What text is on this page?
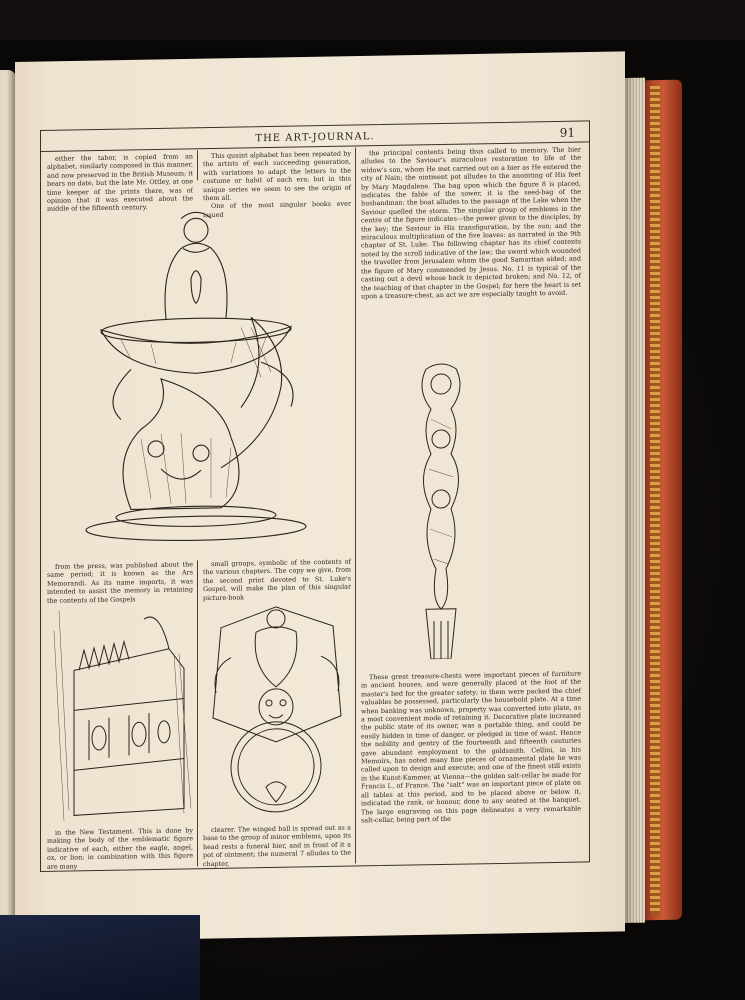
THE ART-JOURNAL.	91

either the tabor, is copied from an alphabet, similarly composed in this manner, and now preserved in the British Museum; it bears no date, but the late Mr. Ottley, at one time keeper of the prints there, was of opinion that it was executed about the middle of the fifteenth century.

This quaint alphabet has been repeated by the artists of each succeeding generation, with variations to adapt the letters to the costume or habit of each era; but in this unique series we seem to see the origin of them all.

One of the most singular books ever issued

the principal contents being thus called to memory. The bier alludes to the Saviour's miraculous restoration to life of the widow's son, whom He met carried out on a bier as He entered the city of Nain; the ointment pot alludes to the anointing of His feet by Mary Magdalene. The bag upon which the figure 8 is placed, indicates the fable of the sower, it is the seed-bag of the husbandman: the boat alludes to the passage of the Lake when the Saviour quelled the storm. The singular group of emblems in the centre of the figure indicates—the power given to the disciples, by the key; the Saviour in His transfiguration, by the sun; and the miraculous multiplication of the five loaves: as narrated in the 9th chapter of St. Luke. The following chapter has its chief contents noted by the scroll indicative of the law; the sword which wounded the traveller from Jerusalem whom the good Samaritan aided; and the figure of Mary commended by Jesus. No. 11 is typical of the casting out a devil whose back is depicted broken; and No. 12, of the teaching of that chapter in the Gospel; for here the heart is set upon a treasure-chest, an act we are especially taught to avoid.

from the press, was published about the same period; it is known as the Ars Memorandi. As its name imports, it was intended to assist the memory in retaining the contents of the Gospels

small groups, symbolic of the contents of the various chapters. The copy we give, from the second print devoted to St. Luke's Gospel, will make the plan of this singular picture-book

These great treasure-chests were important pieces of furniture in ancient houses, and were generally placed at the foot of the master's bed for the greater safety; in them were packed the chief valuables he possessed, particularly the household plate. At a time when banking was unknown, property was converted into plate, as a most convenient mode of retaining it. Decorative plate increased the public state of its owner, was a portable thing, and could be easily hidden in time of danger, or pledged in time of want. Hence the nobility and gentry of the fourteenth and fifteenth centuries gave abundant employment to the goldsmith. Cellini, in his Memoirs, has noted many fine pieces of ornamental plate he was called upon to design and execute; and one of the finest still exists in the Kunst-Kammer, at Vienna—the golden salt-cellar he made for Francis I., of France. The "salt" was an important piece of plate on all tables at this period, and to be placed above or below it, indicated the rank, or honour, done to any seated at the banquet. The large engraving on this page delineates a very remarkable salt-cellar, being part of the

in the New Testament. This is done by making the body of the emblematic figure indicative of each, either the eagle, angel, ox, or lion; in combination with this figure are many

clearer. The winged ball is spread out as a base to the group of minor emblems, upon its head rests a funeral bier, and in front of it a pot of ointment; the numeral 7 alludes to the chapter,
